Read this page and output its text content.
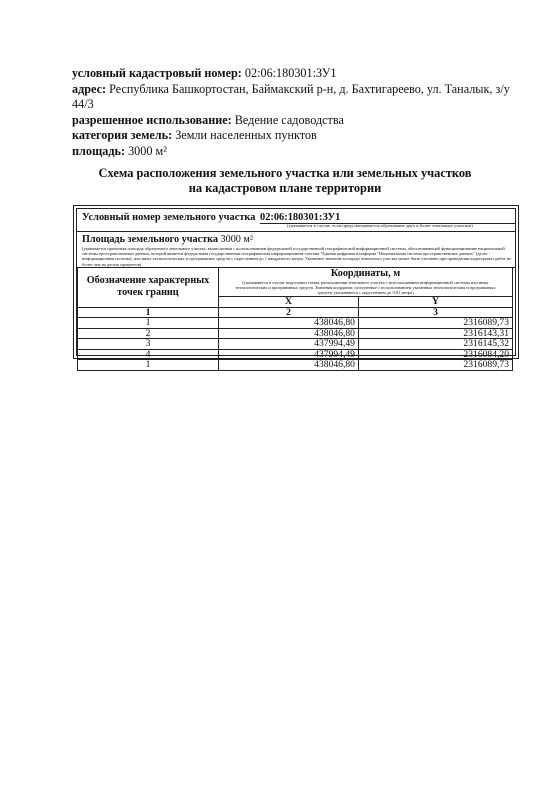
условный кадастровый номер: 02:06:180301:ЗУ1
адрес: Республика Башкортостан, Баймакский р-н, д. Бахтигареево, ул. Таналык, з/у 44/3
разрешенное использование: Ведение садоводства
категория земель: Земли населенных пунктов
площадь: 3000 м²
Схема расположения земельного участка или земельных участков
на кадастровом плане территории
Условный номер земельного участка 02:06:180301:ЗУ1
(указывается в случае, если предусматривается образование двух и более земельных участков)
Площадь земельного участка 3000 м²
(указывается проектная площадь образуемого земельного участка, вычисленная с использованием федеральной государственной географической информационной системы, обеспечивающей функционирование национальной системы пространственных данных, которой является федеральная государственная географическая информационная система "Единая цифровая платформа "Национальная система пространственных данных" (далее - информационная система), или иных технологических и программных средств с округлением до 1 квадратного метра. Указанное значение площади земельного участка может быть уточнено при проведении кадастровых работ не более чем на десять процентов)
Обозначение характерных точек границ	Координаты, м
(указываются в случае подготовки схемы расположения земельного участка с использованием информационной системы или иных технологических и программных средств. Значения координат, полученные с использованием указанных технологических и программных средств, указываются с округлением до 0,01 метра)	

	X	Y
1	2	3
1	438046,80	2316089,73
2	438046,80	2316143,31
3	437994,49	2316145,32
4	437994,49	2316084,20
1	438046,80	2316089,73
